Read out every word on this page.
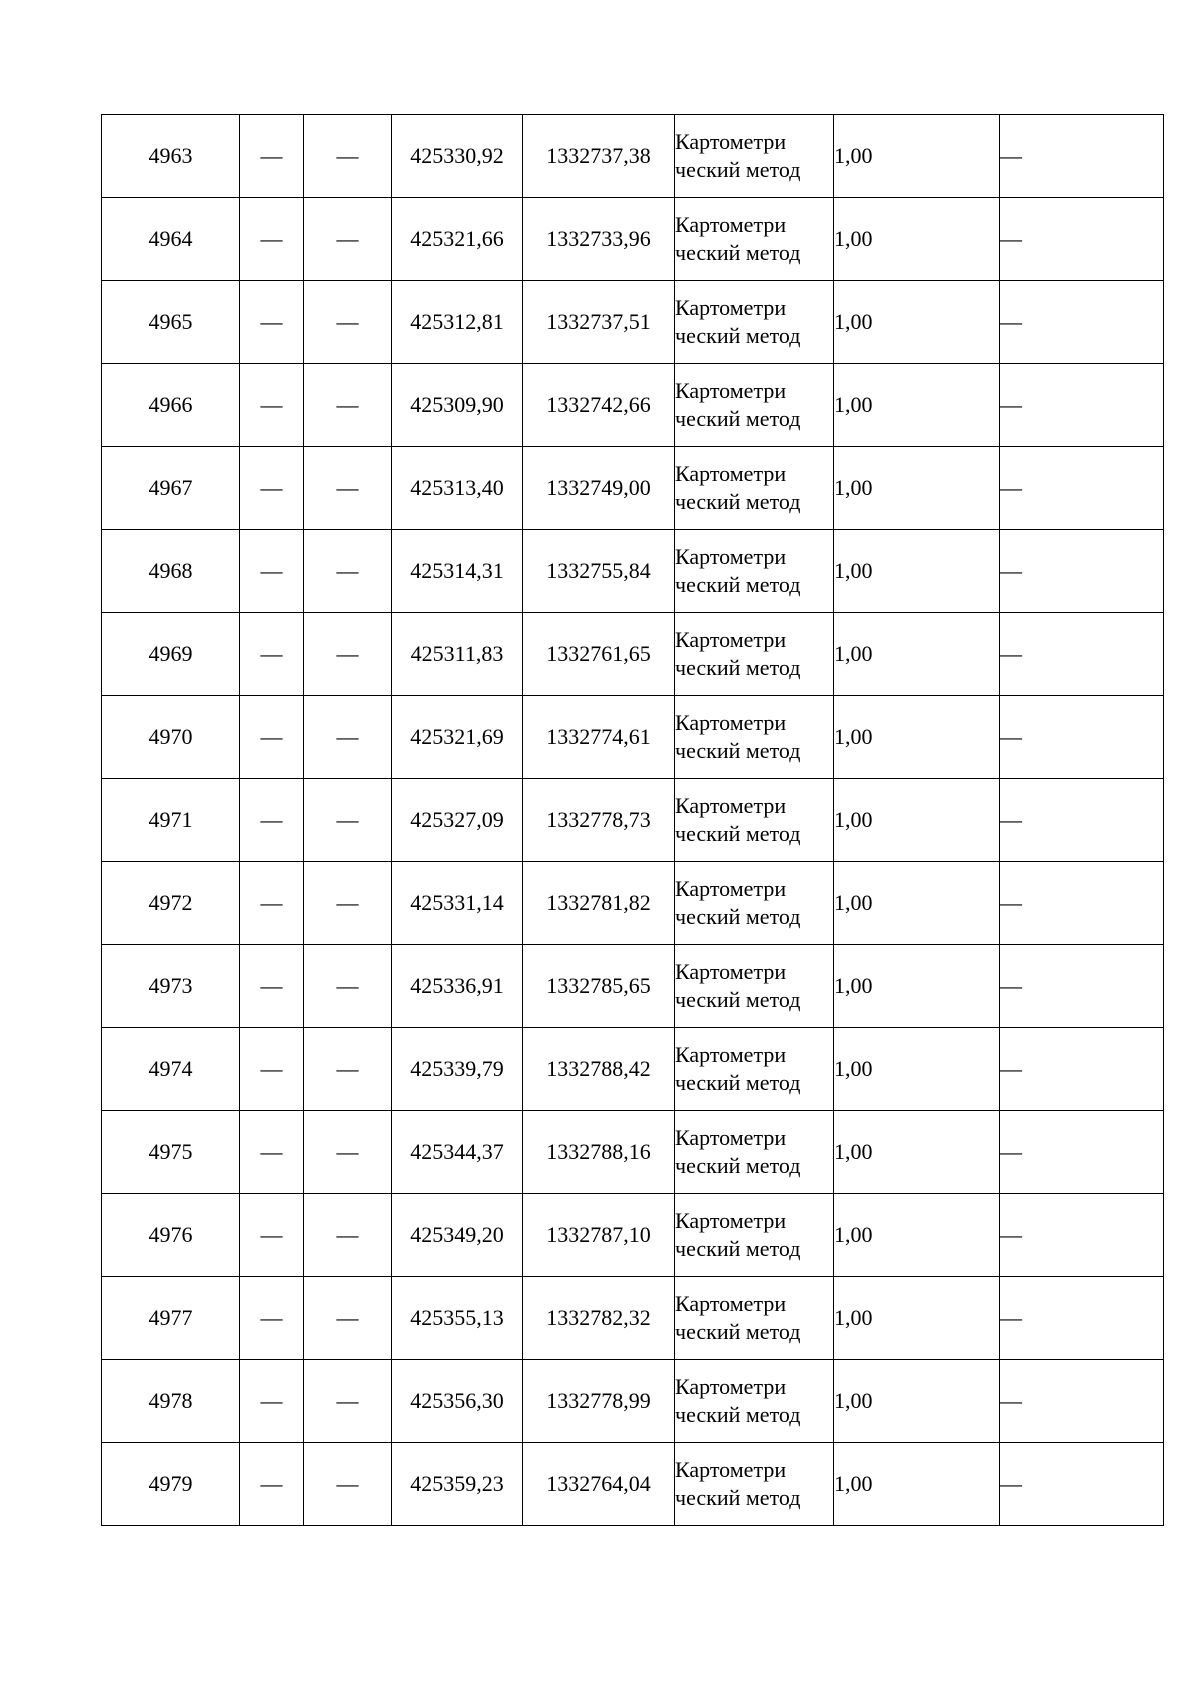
4963	—	—	425330,92	1332737,38	Картометри ческий метод	1,00	—
4964	—	—	425321,66	1332733,96	Картометри ческий метод	1,00	—
4965	—	—	425312,81	1332737,51	Картометри ческий метод	1,00	—
4966	—	—	425309,90	1332742,66	Картометри ческий метод	1,00	—
4967	—	—	425313,40	1332749,00	Картометри ческий метод	1,00	—
4968	—	—	425314,31	1332755,84	Картометри ческий метод	1,00	—
4969	—	—	425311,83	1332761,65	Картометри ческий метод	1,00	—
4970	—	—	425321,69	1332774,61	Картометри ческий метод	1,00	—
4971	—	—	425327,09	1332778,73	Картометри ческий метод	1,00	—
4972	—	—	425331,14	1332781,82	Картометри ческий метод	1,00	—
4973	—	—	425336,91	1332785,65	Картометри ческий метод	1,00	—
4974	—	—	425339,79	1332788,42	Картометри ческий метод	1,00	—
4975	—	—	425344,37	1332788,16	Картометри ческий метод	1,00	—
4976	—	—	425349,20	1332787,10	Картометри ческий метод	1,00	—
4977	—	—	425355,13	1332782,32	Картометри ческий метод	1,00	—
4978	—	—	425356,30	1332778,99	Картометри ческий метод	1,00	—
4979	—	—	425359,23	1332764,04	Картометри ческий метод	1,00	—
